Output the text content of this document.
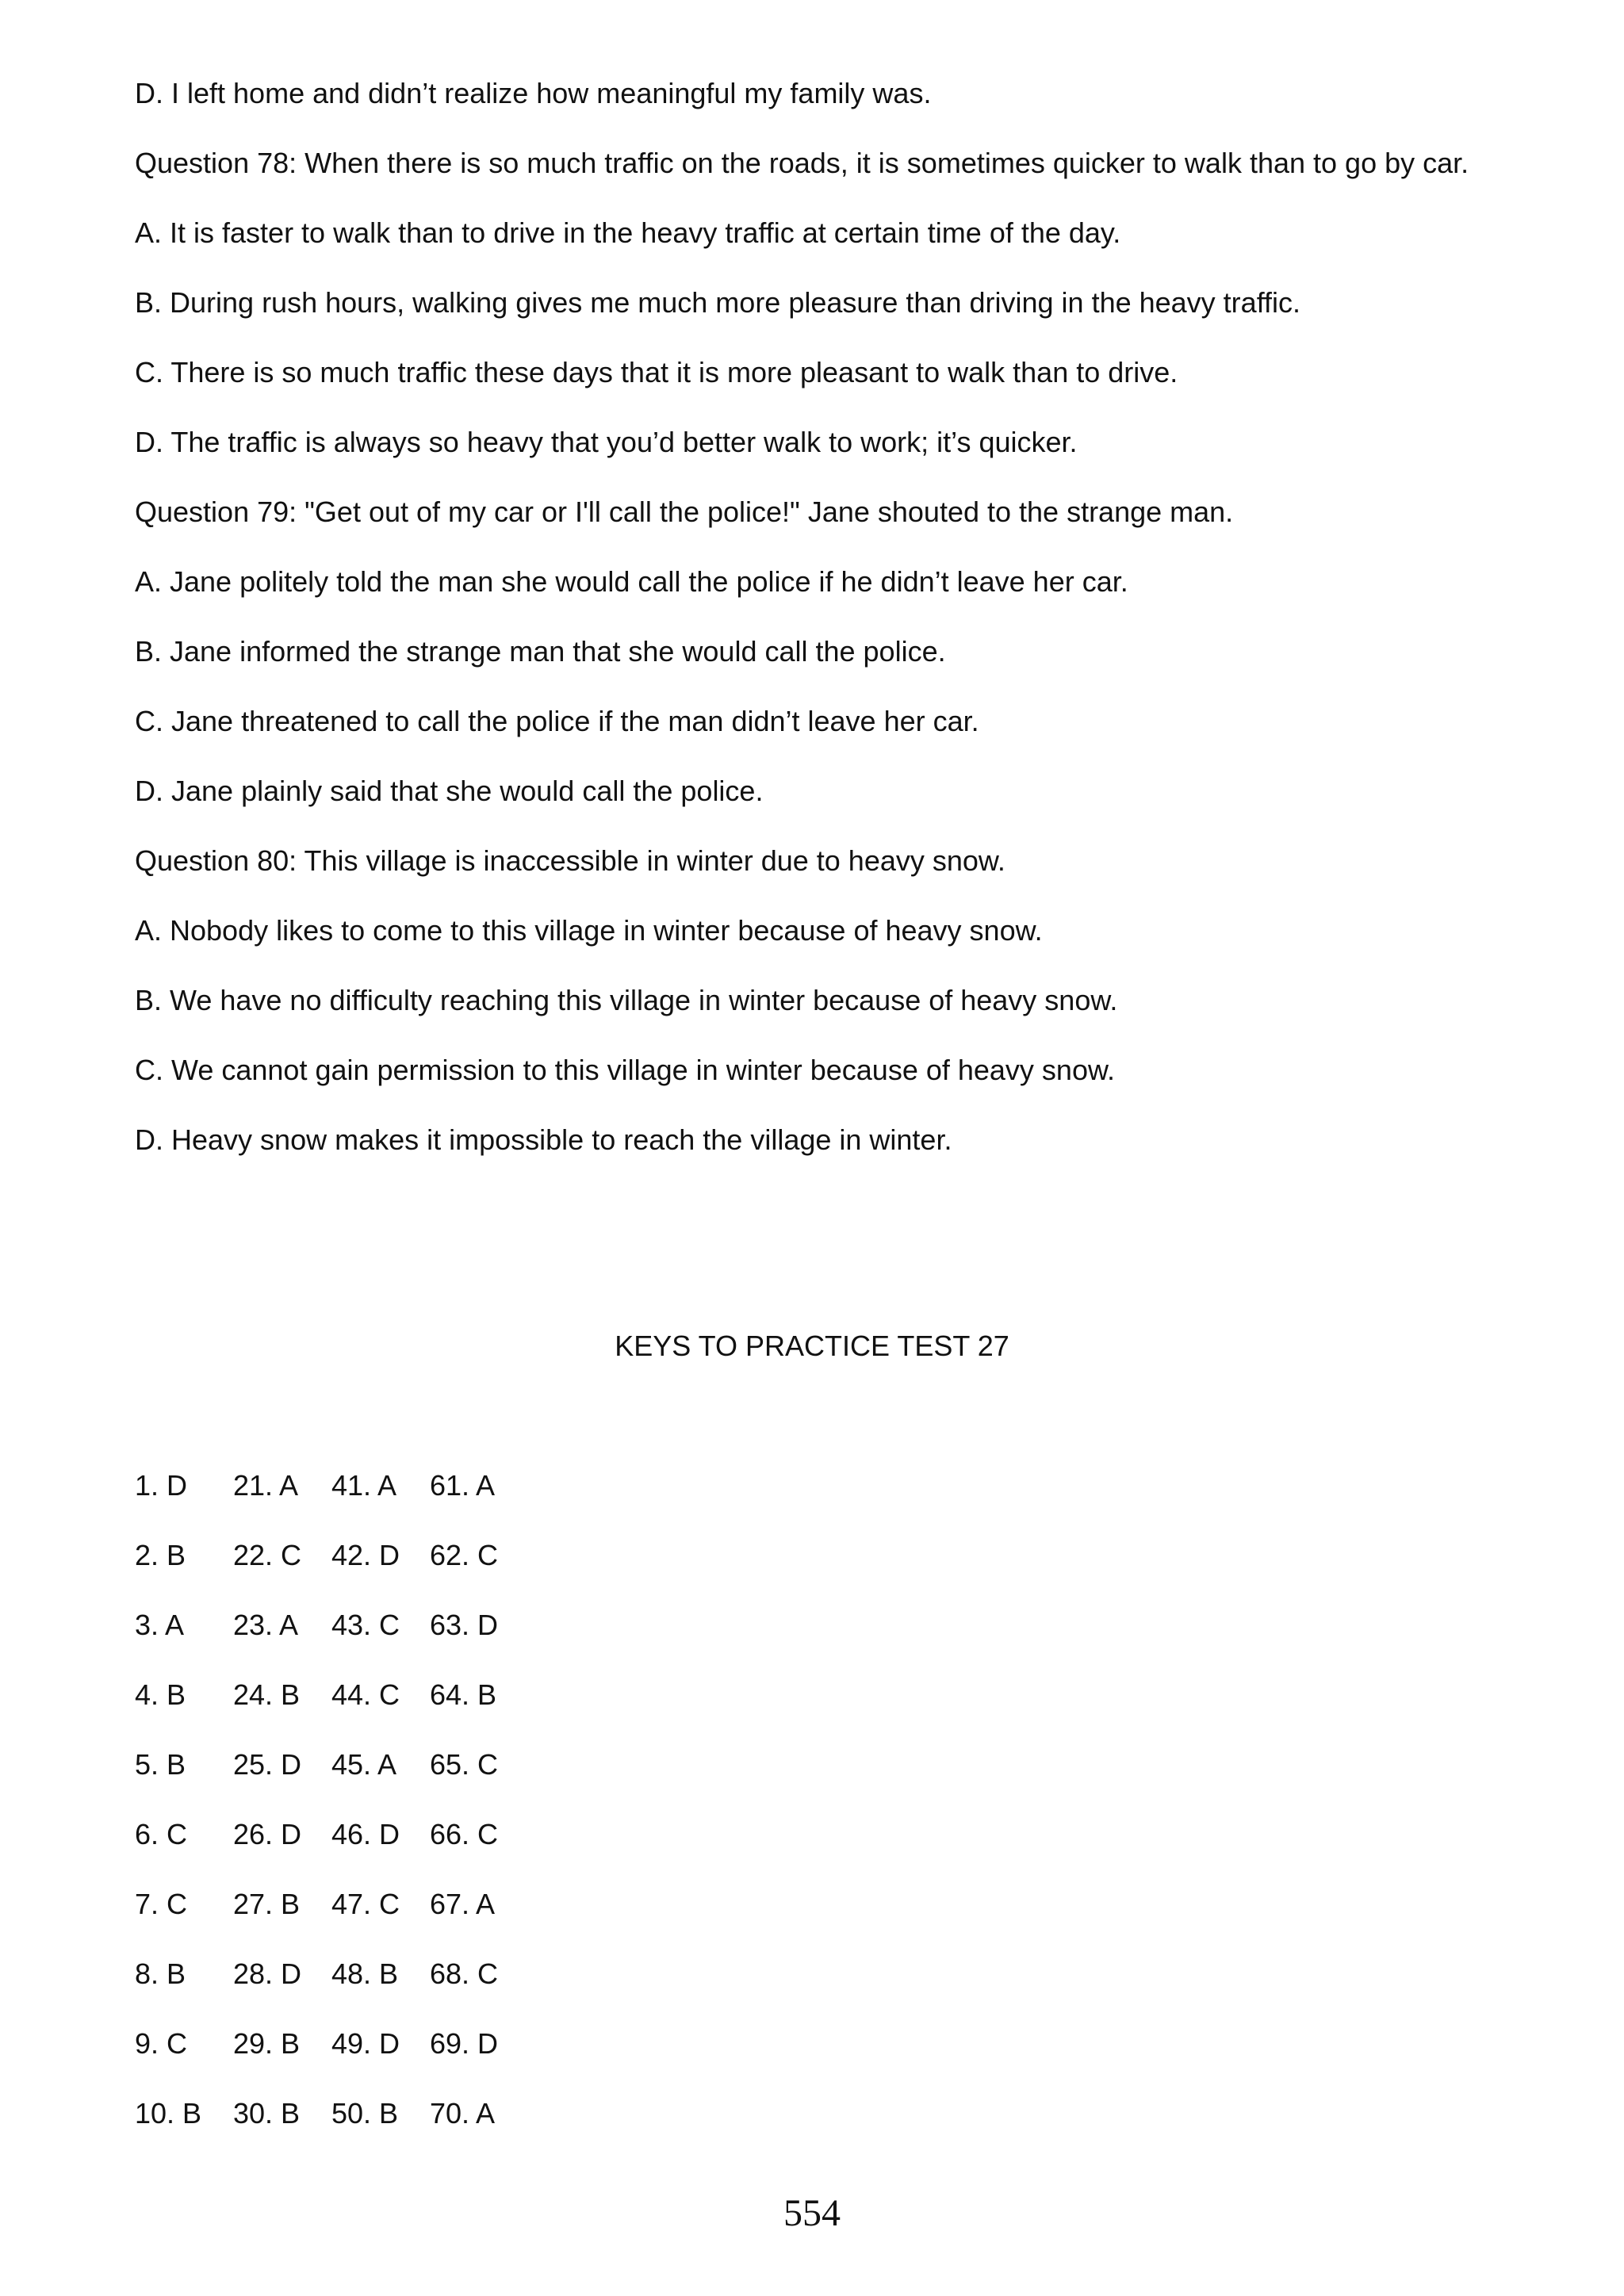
D. I left home and didn’t realize how meaningful my family was.
Question 78: When there is so much traffic on the roads, it is sometimes quicker to walk than to go by car.
A. It is faster to walk than to drive in the heavy traffic at certain time of the day.
B. During rush hours, walking gives me much more pleasure than driving in the heavy traffic.
C. There is so much traffic these days that it is more pleasant to walk than to drive.
D. The traffic is always so heavy that you’d better walk to work; it’s quicker.
Question 79: "Get out of my car or I'll call the police!" Jane shouted to the strange man.
A. Jane politely told the man she would call the police if he didn’t leave her car.
B. Jane informed the strange man that she would call the police.
C. Jane threatened to call the police if the man didn’t leave her car.
D. Jane plainly said that she would call the police.
Question 80: This village is inaccessible in winter due to heavy snow.
A. Nobody likes to come to this village in winter because of heavy snow.
B. We have no difficulty reaching this village in winter because of heavy snow.
C. We cannot gain permission to this village in winter because of heavy snow.
D. Heavy snow makes it impossible to reach the village in winter.
KEYS TO PRACTICE TEST 27
1. D	21. A	41. A	61. A
2. B	22. C	42. D	62. C
3. A	23. A	43. C	63. D
4. B	24. B	44. C	64. B
5. B	25. D	45. A	65. C
6. C	26. D	46. D	66. C
7. C	27. B	47. C	67. A
8. B	28. D	48. B	68. C
9. C	29. B	49. D	69. D
10. B	30. B	50. B	70. A
554
